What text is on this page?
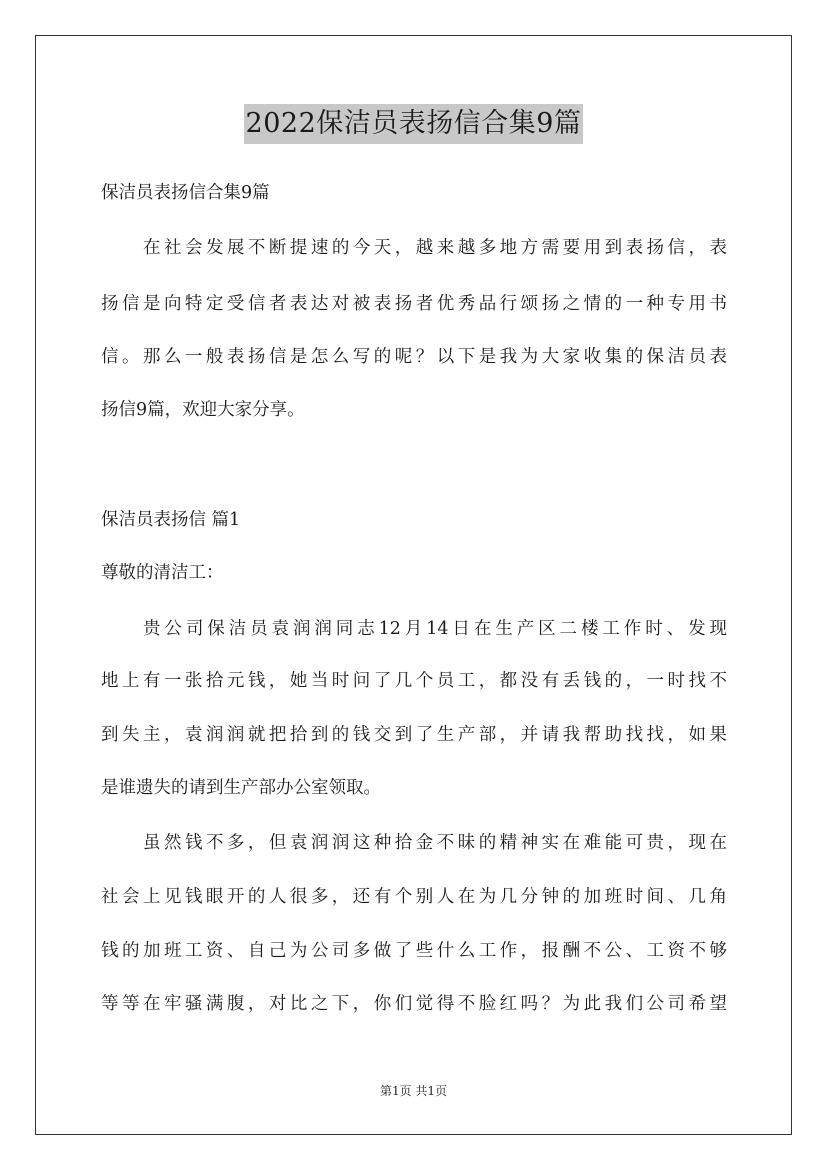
2022保洁员表扬信合集9篇
保洁员表扬信合集9篇
在社会发展不断提速的今天，越来越多地方需要用到表扬信，表
扬信是向特定受信者表达对被表扬者优秀品行颂扬之情的一种专用书
信。那么一般表扬信是怎么写的呢？以下是我为大家收集的保洁员表
扬信9篇，欢迎大家分享。
保洁员表扬信 篇1
尊敬的清洁工：
贵公司保洁员袁润润同志12月14日在生产区二楼工作时、发现
地上有一张拾元钱，她当时问了几个员工，都没有丢钱的，一时找不
到失主，袁润润就把拾到的钱交到了生产部，并请我帮助找找，如果
是谁遗失的请到生产部办公室领取。
虽然钱不多，但袁润润这种拾金不昧的精神实在难能可贵，现在
社会上见钱眼开的人很多，还有个别人在为几分钟的加班时间、几角
钱的加班工资、自己为公司多做了些什么工作，报酬不公、工资不够
等等在牢骚满腹，对比之下，你们觉得不脸红吗？为此我们公司希望
第1页 共1页
